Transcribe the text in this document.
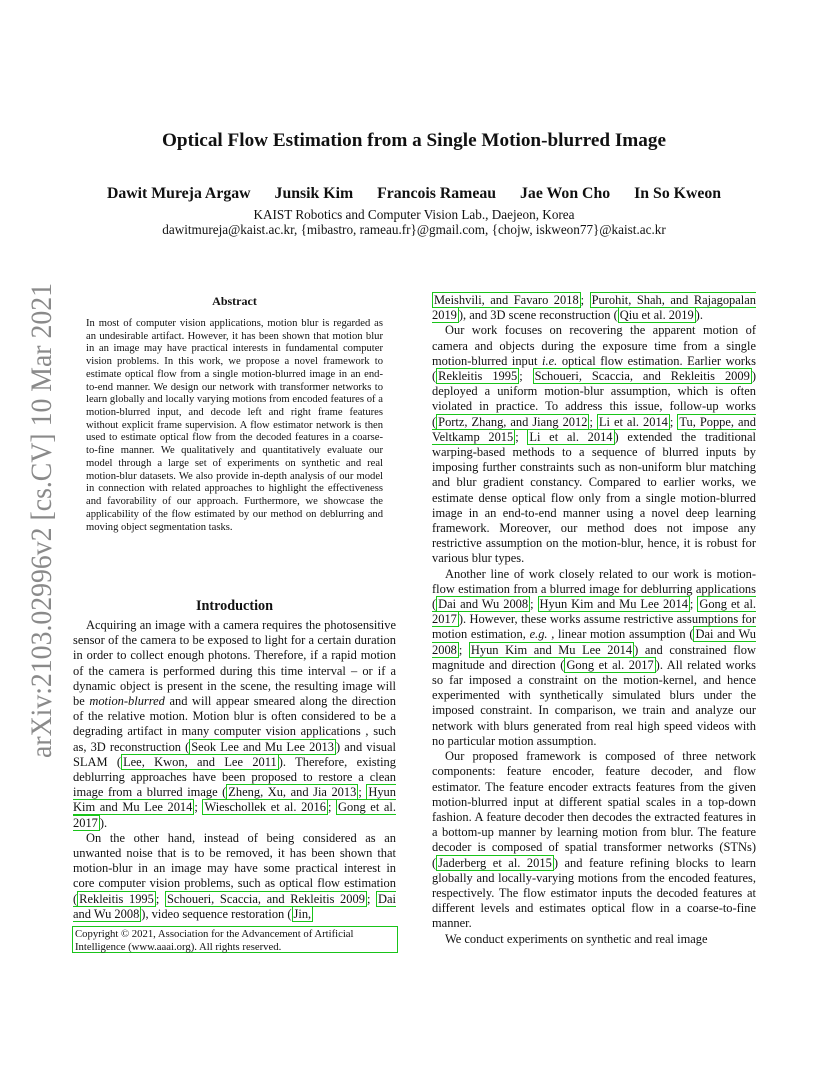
Optical Flow Estimation from a Single Motion-blurred Image
Dawit Mureja Argaw Junsik Kim Francois Rameau Jae Won Cho In So Kweon
KAIST Robotics and Computer Vision Lab., Daejeon, Korea
dawitmureja@kaist.ac.kr, {mibastro, rameau.fr}@gmail.com, {chojw, iskweon77}@kaist.ac.kr
arXiv:2103.02996v2 [cs.CV] 10 Mar 2021	Abstract
In most of computer vision applications, motion blur is regarded as an undesirable artifact. However, it has been shown that motion blur in an image may have practical interests in fundamental computer vision problems. In this work, we propose a novel framework to estimate optical flow from a single motion-blurred image in an end-to-end manner. We design our network with transformer networks to learn globally and locally varying motions from encoded features of a motion-blurred input, and decode left and right frame features without explicit frame supervision. A flow estimator network is then used to estimate optical flow from the decoded features in a coarse-to-fine manner. We qualitatively and quantitatively evaluate our model through a large set of experiments on synthetic and real motion-blur datasets. We also provide in-depth analysis of our model in connection with related approaches to highlight the effectiveness and favorability of our approach. Furthermore, we showcase the applicability of the flow estimated by our method on deblurring and moving object segmentation tasks.
Introduction

Acquiring an image with a camera requires the photosensitive sensor of the camera to be exposed to light for a certain duration in order to collect enough photons. Therefore, if a rapid motion of the camera is performed during this time interval – or if a dynamic object is present in the scene, the resulting image will be motion-blurred and will appear smeared along the direction of the relative motion. Motion blur is often considered to be a degrading artifact in many computer vision applications , such as, 3D reconstruction ( Seok Lee and Mu Lee 2013 ) and visual SLAM ( Lee, Kwon, and Lee 2011 ). Therefore, existing deblurring approaches have been proposed to restore a clean image from a blurred image ( Zheng, Xu, and Jia 2013 ; Hyun Kim and Mu Lee 2014 ; Wieschollek et al. 2016 ; Gong et al. 2017 ).

On the other hand, instead of being considered as an unwanted noise that is to be removed, it has been shown that motion-blur in an image may have some practical interest in core computer vision problems, such as optical flow estimation ( Rekleitis 1995 ; Schoueri, Scaccia, and Rekleitis 2009 ; Dai and Wu 2008 ), video sequence restoration ( Jin,

Copyright © 2021, Association for the Advancement of Artificial Intelligence (www.aaai.org). All rights reserved.

Meishvili, and Favaro 2018 ; Purohit, Shah, and Rajagopalan 2019 ), and 3D scene reconstruction ( Qiu et al. 2019 ).

Our work focuses on recovering the apparent motion of camera and objects during the exposure time from a single motion-blurred input i.e. optical flow estimation. Earlier works ( Rekleitis 1995 ; Schoueri, Scaccia, and Rekleitis 2009 ) deployed a uniform motion-blur assumption, which is often violated in practice. To address this issue, follow-up works ( Portz, Zhang, and Jiang 2012 ; Li et al. 2014 ; Tu, Poppe, and Veltkamp 2015 ; Li et al. 2014 ) extended the traditional warping-based methods to a sequence of blurred inputs by imposing further constraints such as non-uniform blur matching and blur gradient constancy. Compared to earlier works, we estimate dense optical flow only from a single motion-blurred image in an end-to-end manner using a novel deep learning framework. Moreover, our method does not impose any restrictive assumption on the motion-blur, hence, it is robust for various blur types.

Another line of work closely related to our work is motion-flow estimation from a blurred image for deblurring applications ( Dai and Wu 2008 ; Hyun Kim and Mu Lee 2014 ; Gong et al. 2017 ). However, these works assume restrictive assumptions for motion estimation, e.g. , linear motion assumption ( Dai and Wu 2008 ; Hyun Kim and Mu Lee 2014 ) and constrained flow magnitude and direction ( Gong et al. 2017 ). All related works so far imposed a constraint on the motion-kernel, and hence experimented with synthetically simulated blurs under the imposed constraint. In comparison, we train and analyze our network with blurs generated from real high speed videos with no particular motion assumption.

Our proposed framework is composed of three network components: feature encoder, feature decoder, and flow estimator. The feature encoder extracts features from the given motion-blurred input at different spatial scales in a top-down fashion. A feature decoder then decodes the extracted features in a bottom-up manner by learning motion from blur. The feature decoder is composed of spatial transformer networks (STNs) ( Jaderberg et al. 2015 ) and feature refining blocks to learn globally and locally-varying motions from the encoded features, respectively. The flow estimator inputs the decoded features at different levels and estimates optical flow in a coarse-to-fine manner.

We conduct experiments on synthetic and real image
